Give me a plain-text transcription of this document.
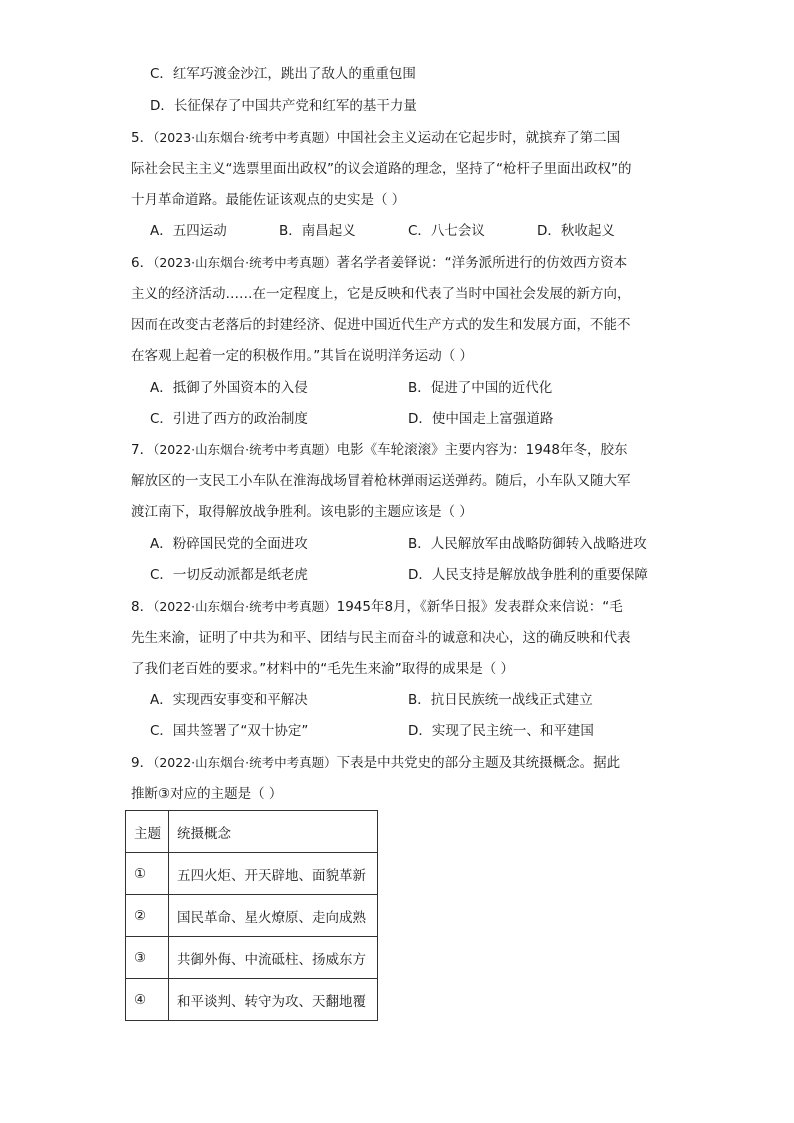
C．红军巧渡金沙江，跳出了敌人的重重包围
D．长征保存了中国共产党和红军的基干力量
5．（2023·山东烟台·统考中考真题）中国社会主义运动在它起步时，就摈弃了第二国
际社会民主主义“选票里面出政权”的议会道路的理念，坚持了“枪杆子里面出政权”的
十月革命道路。最能佐证该观点的史实是（ ）
A．五四运动	B．南昌起义	C．八七会议	D．秋收起义
6．（2023·山东烟台·统考中考真题）著名学者姜铎说：“洋务派所进行的仿效西方资本
主义的经济活动……在一定程度上，它是反映和代表了当时中国社会发展的新方向，
因而在改变古老落后的封建经济、促进中国近代生产方式的发生和发展方面，不能不
在客观上起着一定的积极作用。”其旨在说明洋务运动（ ）
A．抵御了外国资本的入侵	B．促进了中国的近代化
C．引进了西方的政治制度	D．使中国走上富强道路
7．（2022·山东烟台·统考中考真题）电影《车轮滚滚》主要内容为：1948年冬，胶东
解放区的一支民工小车队在淮海战场冒着枪林弹雨运送弹药。随后，小车队又随大军
渡江南下，取得解放战争胜利。该电影的主题应该是（ ）
A．粉碎国民党的全面进攻	B．人民解放军由战略防御转入战略进攻
C．一切反动派都是纸老虎	D．人民支持是解放战争胜利的重要保障
8．（2022·山东烟台·统考中考真题）1945年8月，《新华日报》发表群众来信说：“毛
先生来渝，证明了中共为和平、团结与民主而奋斗的诚意和决心，这的确反映和代表
了我们老百姓的要求。”材料中的“毛先生来渝”取得的成果是（ ）
A．实现西安事变和平解决	B．抗日民族统一战线正式建立
C．国共签署了“双十协定”	D．实现了民主统一、和平建国
9．（2022·山东烟台·统考中考真题）下表是中共党史的部分主题及其统摄概念。据此
推断③对应的主题是（ ）
主题	统摄概念
①	五四火炬、开天辟地、面貌革新
②	国民革命、星火燎原、走向成熟
③	共御外侮、中流砥柱、扬威东方
④	和平谈判、转守为攻、天翻地覆
